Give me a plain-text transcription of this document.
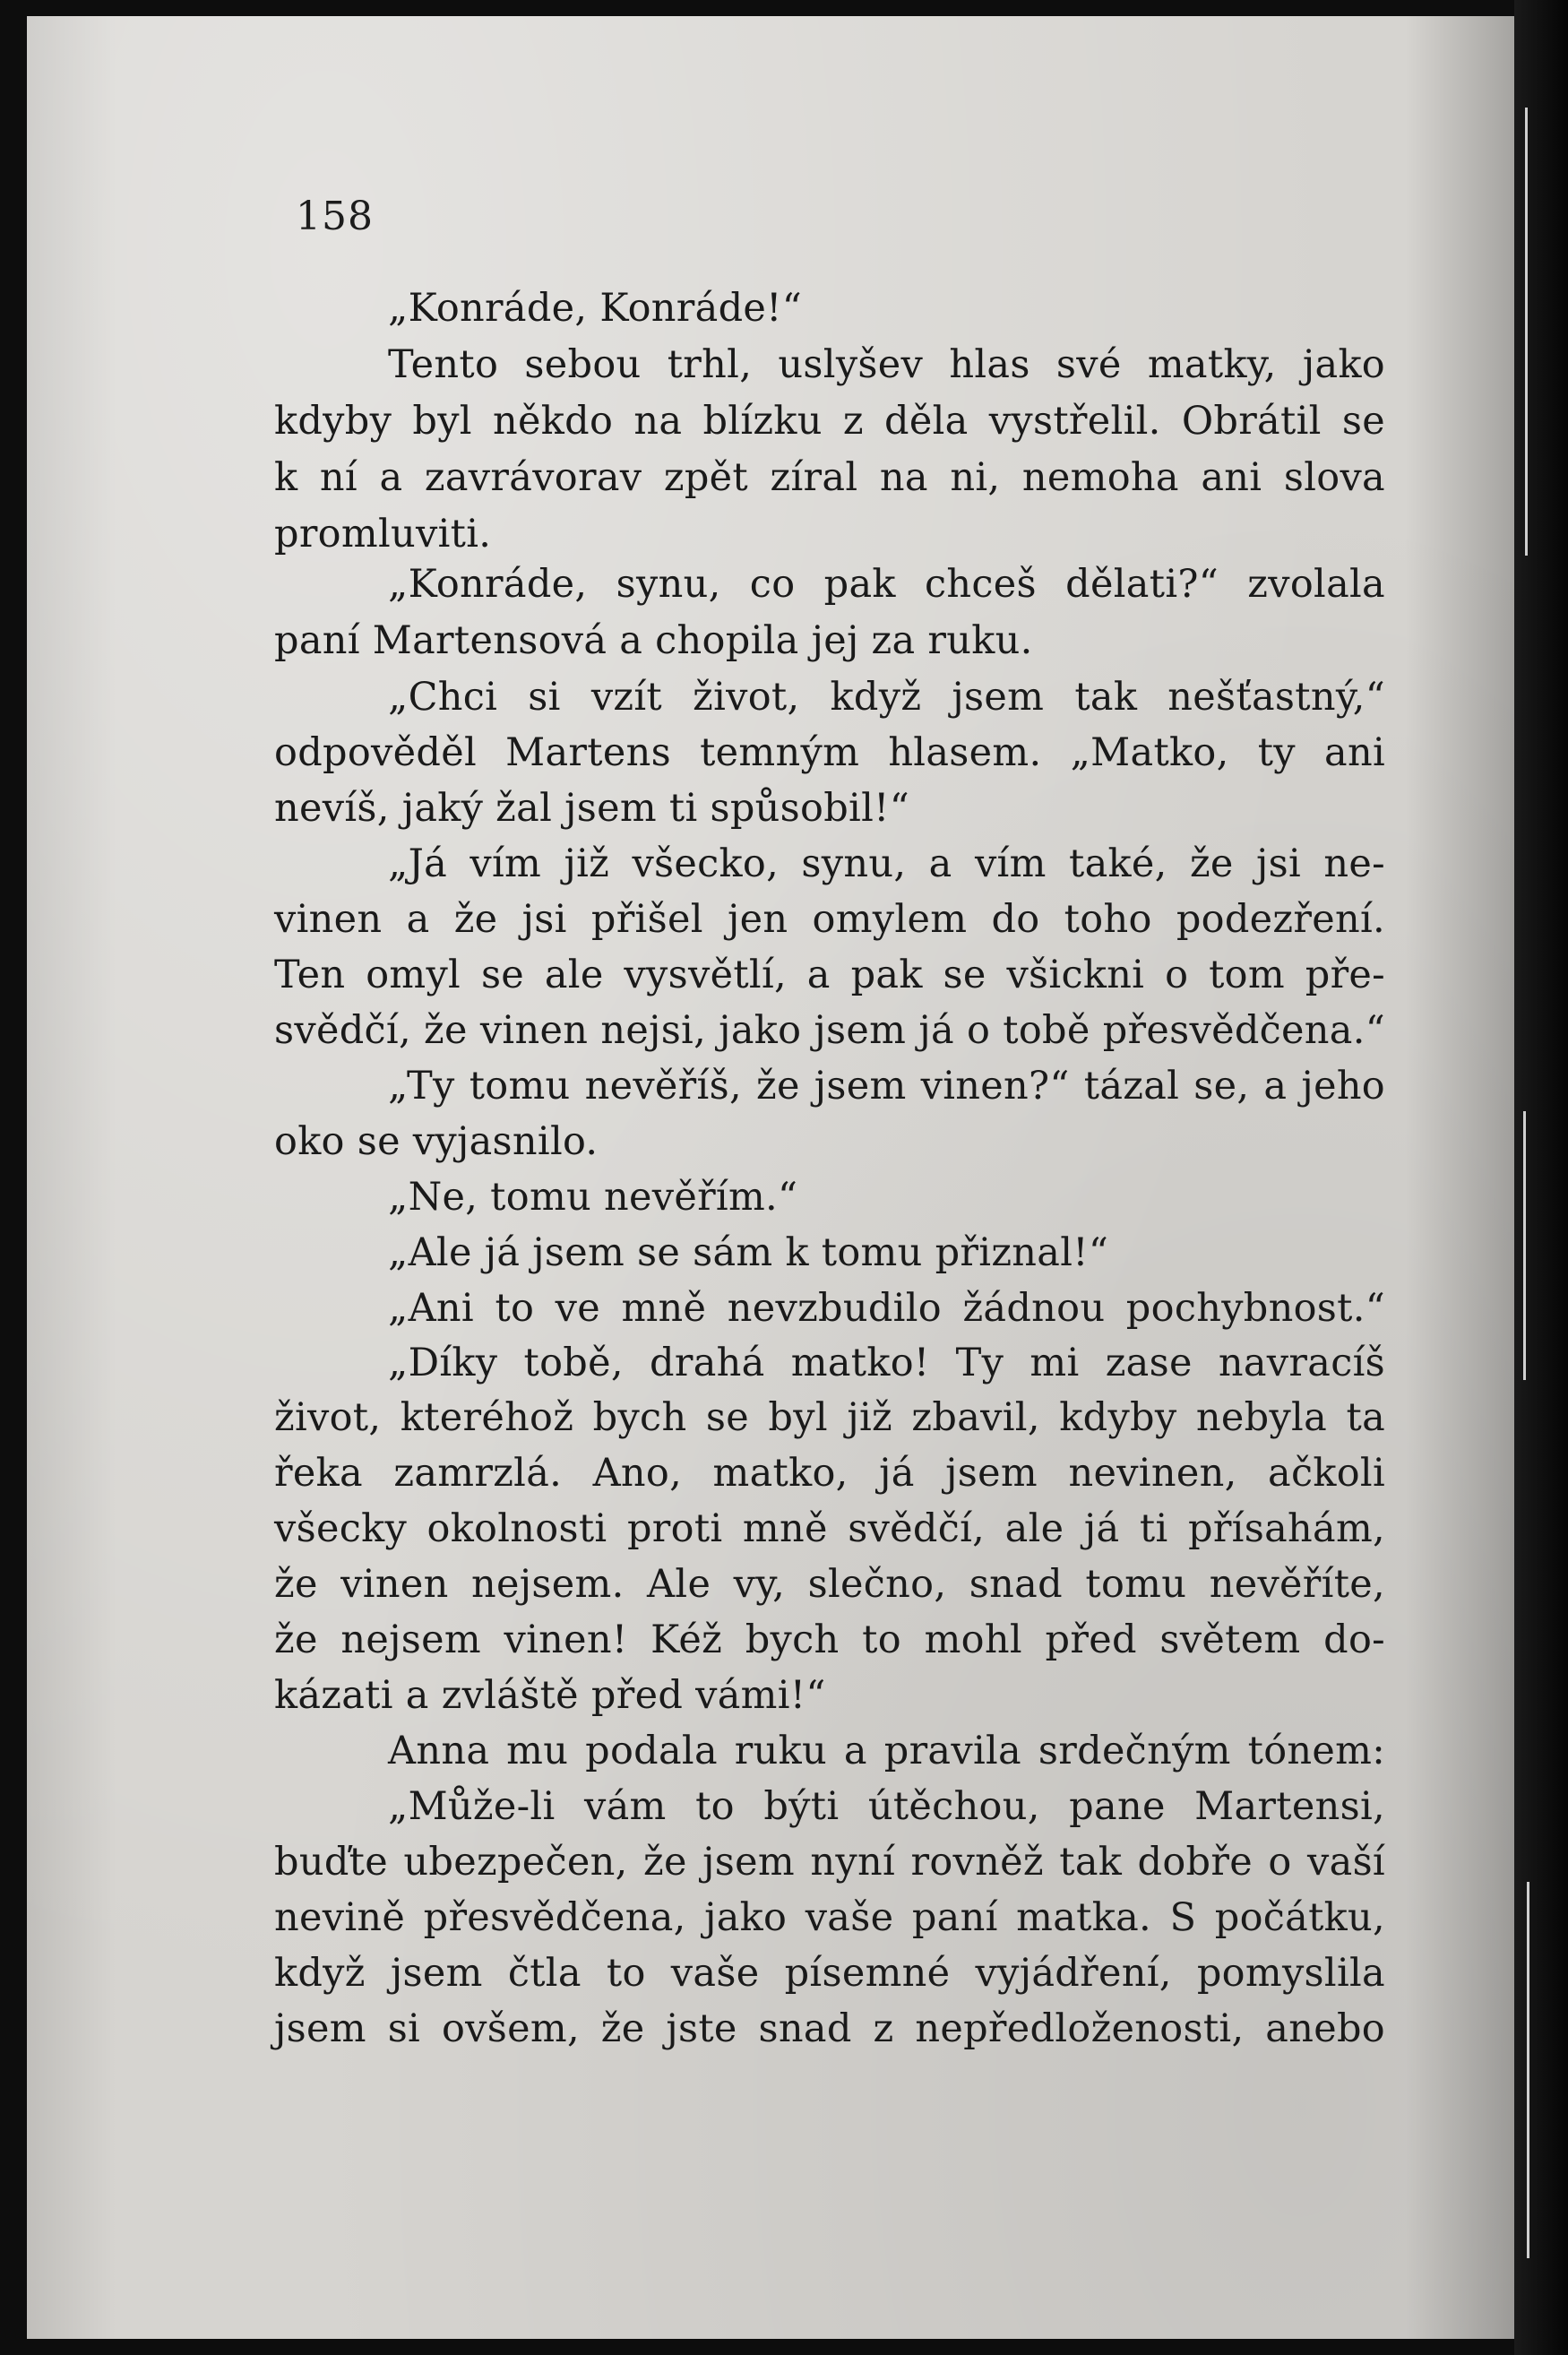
158
„Konráde, Konráde!“
Tento sebou trhl, uslyšev hlas své matky, jako
kdyby byl někdo na blízku z děla vystřelil. Obrátil se
k ní a zavrávorav zpět zíral na ni, nemoha ani slova
promluviti.
„Konráde, synu, co pak chceš dělati?“ zvolala
paní Martensová a chopila jej za ruku.
„Chci si vzít život, když jsem tak nešťastný,“
odpověděl Martens temným hlasem. „Matko, ty ani
nevíš, jaký žal jsem ti spůsobil!“
„Já vím již všecko, synu, a vím také, že jsi ne-
vinen a že jsi přišel jen omylem do toho podezření.
Ten omyl se ale vysvětlí, a pak se všickni o tom pře-
svědčí, že vinen nejsi, jako jsem já o tobě přesvědčena.“
„Ty tomu nevěříš, že jsem vinen?“ tázal se, a jeho
oko se vyjasnilo.
„Ne, tomu nevěřím.“
„Ale já jsem se sám k tomu přiznal!“
„Ani to ve mně nevzbudilo žádnou pochybnost.“
„Díky tobě, drahá matko! Ty mi zase navracíš
život, kteréhož bych se byl již zbavil, kdyby nebyla ta
řeka zamrzlá. Ano, matko, já jsem nevinen, ačkoli
všecky okolnosti proti mně svědčí, ale já ti přísahám,
že vinen nejsem. Ale vy, slečno, snad tomu nevěříte,
že nejsem vinen! Kéž bych to mohl před světem do-
kázati a zvláště před vámi!“
Anna mu podala ruku a pravila srdečným tónem:
„Může-li vám to býti útěchou, pane Martensi,
buďte ubezpečen, že jsem nyní rovněž tak dobře o vaší
nevině přesvědčena, jako vaše paní matka. S počátku,
když jsem čtla to vaše písemné vyjádření, pomyslila
jsem si ovšem, že jste snad z nepředloženosti, anebo
